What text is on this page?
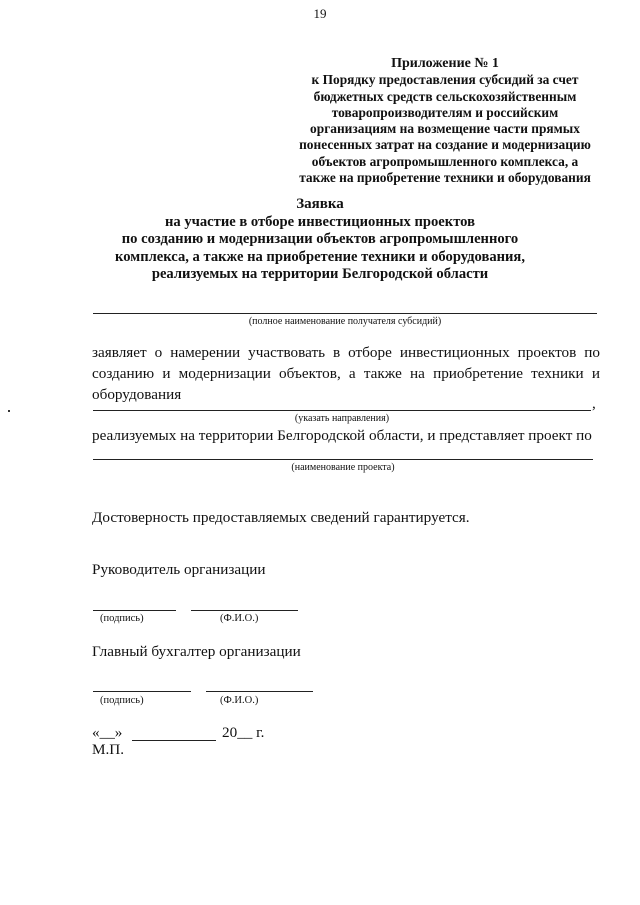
19
Приложение № 1
к Порядку предоставления субсидий за счет
бюджетных средств сельскохозяйственным
товаропроизводителям и российским
организациям на возмещение части прямых
понесенных затрат на создание и модернизацию
объектов агропромышленного комплекса, а
также на приобретение техники и оборудования
Заявка
на участие в отборе инвестиционных проектов
по созданию и модернизации объектов агропромышленного
комплекса, а также на приобретение техники и оборудования,
реализуемых на территории Белгородской области
(полное наименование получателя субсидий)
заявляет о намерении участвовать в отборе инвестиционных проектов по созданию и модернизации объектов, а также на приобретение техники и оборудования
,
(указать направления)
реализуемых на территории Белгородской области, и представляет проект по
(наименование проекта)
Достоверность предоставляемых сведений гарантируется.
Руководитель организации
(подпись)	(Ф.И.О.)
Главный бухгалтер организации
(подпись)	(Ф.И.О.)
«__»	20__ г.
М.П.
